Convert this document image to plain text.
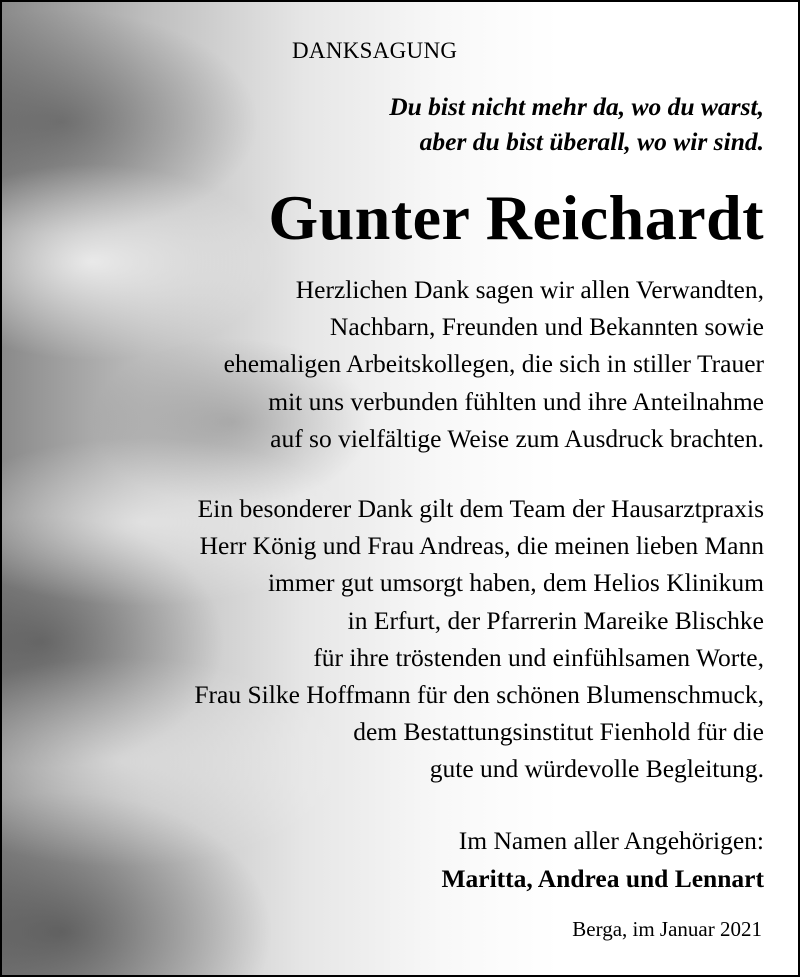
DANKSAGUNG

Du bist nicht mehr da, wo du warst,
aber du bist überall, wo wir sind.

Gunter Reichardt

Herzlichen Dank sagen wir allen Verwandten,
Nachbarn, Freunden und Bekannten sowie
ehemaligen Arbeitskollegen, die sich in stiller Trauer
mit uns verbunden fühlten und ihre Anteilnahme
auf so vielfältige Weise zum Ausdruck brachten.

Ein besonderer Dank gilt dem Team der Hausarztpraxis
Herr König und Frau Andreas, die meinen lieben Mann
immer gut umsorgt haben, dem Helios Klinikum
in Erfurt, der Pfarrerin Mareike Blischke
für ihre tröstenden und einfühlsamen Worte,
Frau Silke Hoffmann für den schönen Blumenschmuck,
dem Bestattungsinstitut Fienhold für die
gute und würdevolle Begleitung.

Im Namen aller Angehörigen:

Maritta, Andrea und Lennart

Berga, im Januar 2021
